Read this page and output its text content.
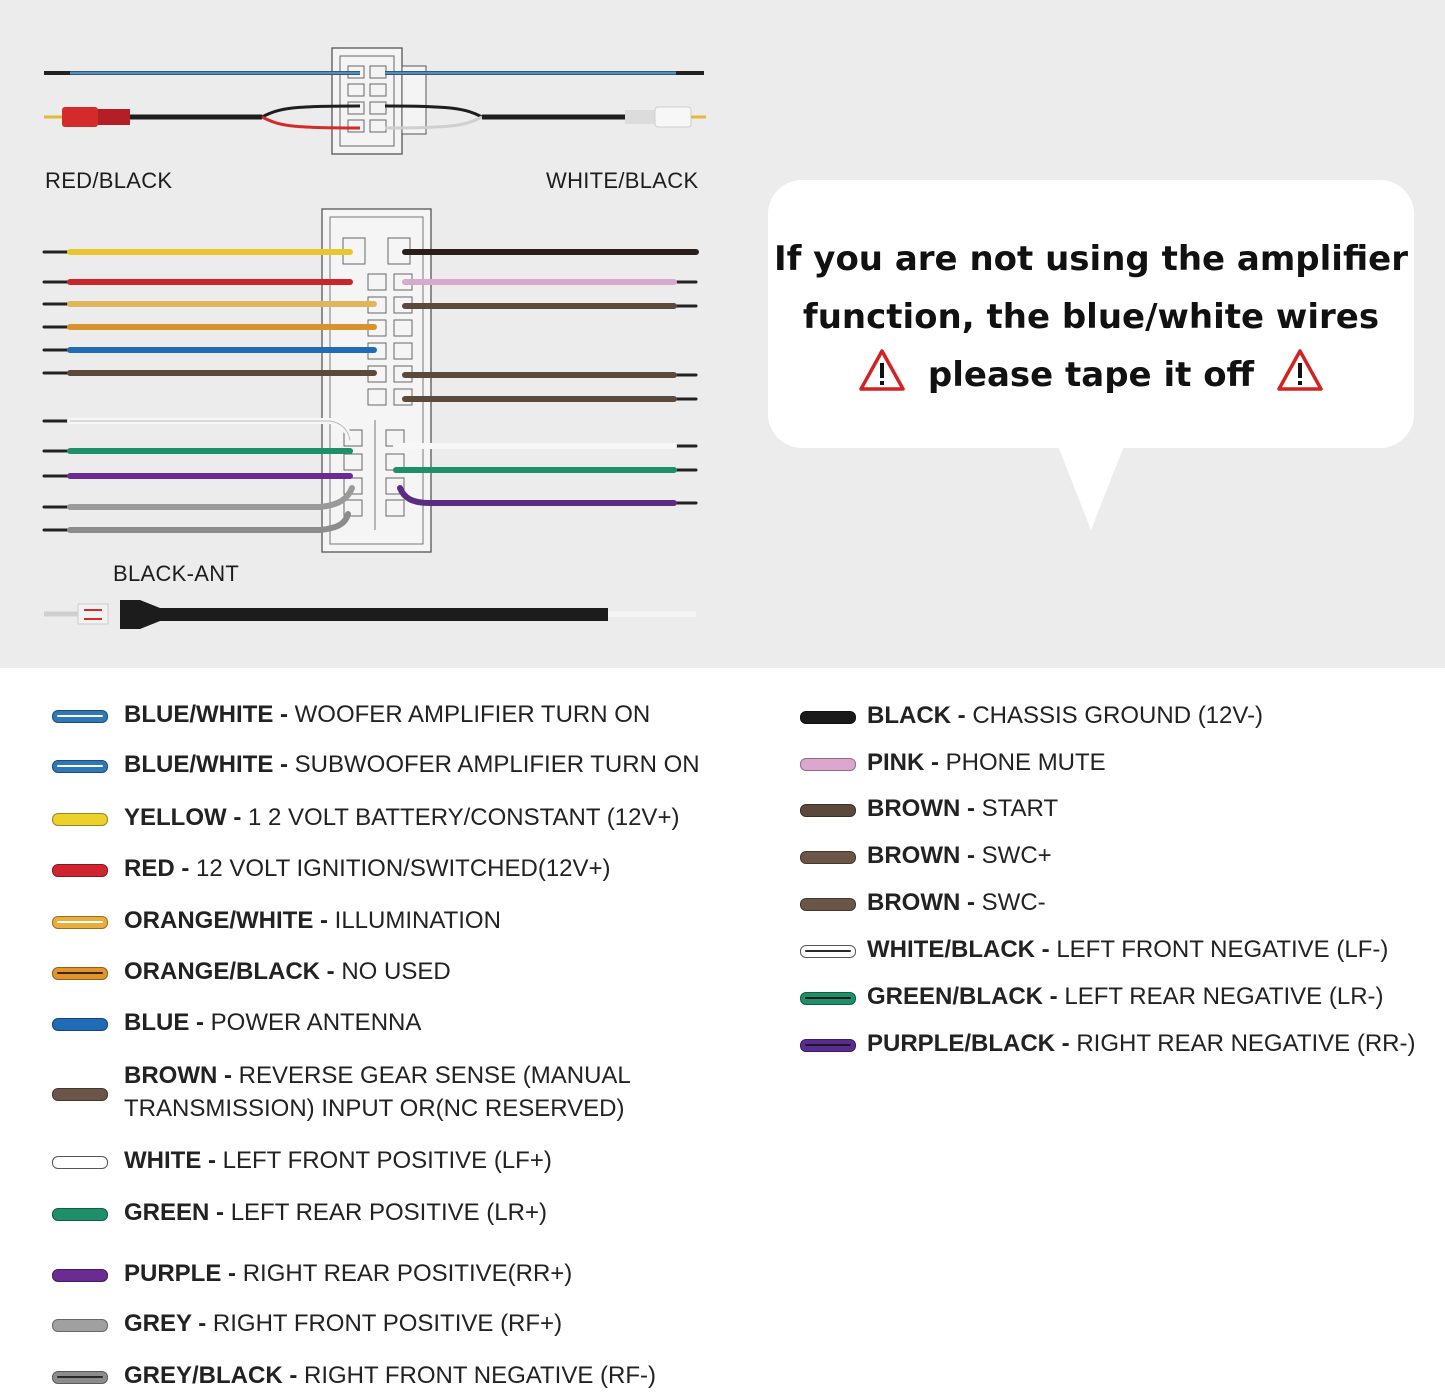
RED/BLACK	WHITE/BLACK
BLACK-ANT
If you are not using the amplifier
function, the blue/white wires
please tape it off
BLUE/WHITE - WOOFER AMPLIFIER TURN ON
BLUE/WHITE - SUBWOOFER AMPLIFIER TURN ON
YELLOW - 1 2 VOLT BATTERY/CONSTANT (12V+)
RED - 12 VOLT IGNITION/SWITCHED(12V+)
ORANGE/WHITE - ILLUMINATION
ORANGE/BLACK - NO USED
BLUE - POWER ANTENNA
BROWN - REVERSE GEAR SENSE (MANUAL
TRANSMISSION) INPUT OR(NC RESERVED)
WHITE - LEFT FRONT POSITIVE (LF+)
GREEN - LEFT REAR POSITIVE (LR+)
PURPLE - RIGHT REAR POSITIVE(RR+)
GREY - RIGHT FRONT POSITIVE (RF+)
GREY/BLACK - RIGHT FRONT NEGATIVE (RF-)
BLACK - CHASSIS GROUND (12V-)
PINK - PHONE MUTE
BROWN - START
BROWN - SWC+
BROWN - SWC-
WHITE/BLACK - LEFT FRONT NEGATIVE (LF-)
GREEN/BLACK - LEFT REAR NEGATIVE (LR-)
PURPLE/BLACK - RIGHT REAR NEGATIVE (RR-)
